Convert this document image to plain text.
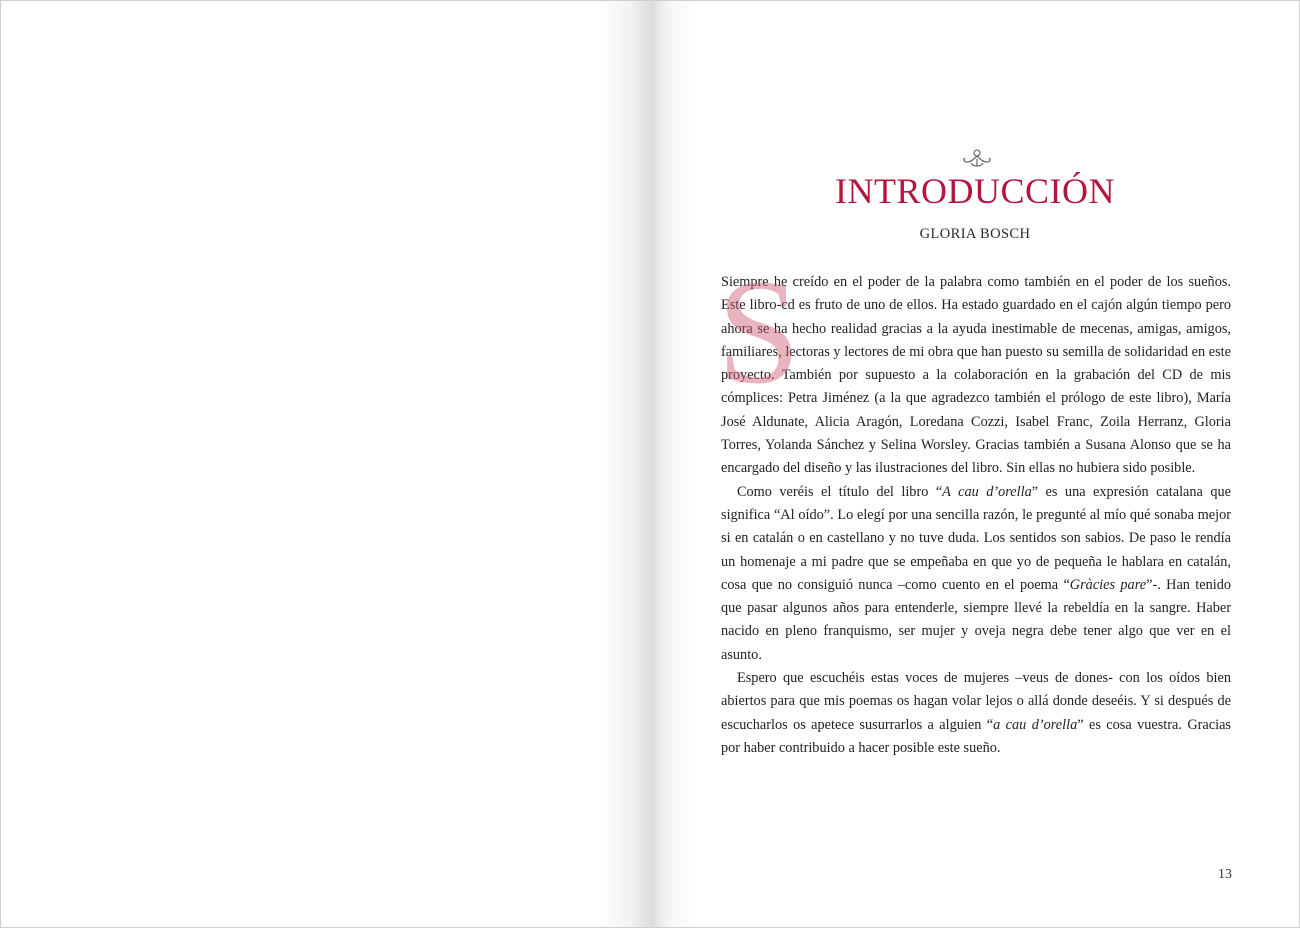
INTRODUCCIÓN
GLORIA BOSCH

S
Siempre he creído en el poder de la palabra como también en el poder de los sueños. Este libro-cd es fruto de uno de ellos. Ha estado guardado en el cajón algún tiempo pero ahora se ha hecho realidad gracias a la ayuda inestimable de mecenas, amigas, amigos, familiares, lectoras y lectores de mi obra que han puesto su semilla de solidaridad en este proyecto. También por supuesto a la colaboración en la grabación del CD de mis cómplices: Petra Jiménez (a la que agradezco también el prólogo de este libro), María José Aldunate, Alicia Aragón, Loredana Cozzi, Isabel Franc, Zoila Herranz, Gloria Torres, Yolanda Sánchez y Selina Worsley. Gracias también a Susana Alonso que se ha encargado del diseño y las ilustraciones del libro. Sin ellas no hubiera sido posible.

Como veréis el título del libro “A cau d’orella” es una expresión catalana que significa “Al oído”. Lo elegí por una sencilla razón, le pregunté al mío qué sonaba mejor si en catalán o en castellano y no tuve duda. Los sentidos son sabios. De paso le rendía un homenaje a mi padre que se empeñaba en que yo de pequeña le hablara en catalán, cosa que no consiguió nunca –como cuento en el poema “Gràcies pare”-. Han tenido que pasar algunos años para entenderle, siempre llevé la rebeldía en la sangre. Haber nacido en pleno franquismo, ser mujer y oveja negra debe tener algo que ver en el asunto.

Espero que escuchéis estas voces de mujeres –veus de dones- con los oídos bien abiertos para que mis poemas os hagan volar lejos o allá donde deseéis. Y si después de escucharlos os apetece susurrarlos a alguien “a cau d’orella” es cosa vuestra. Gracias por haber contribuido a hacer posible este sueño.

13
